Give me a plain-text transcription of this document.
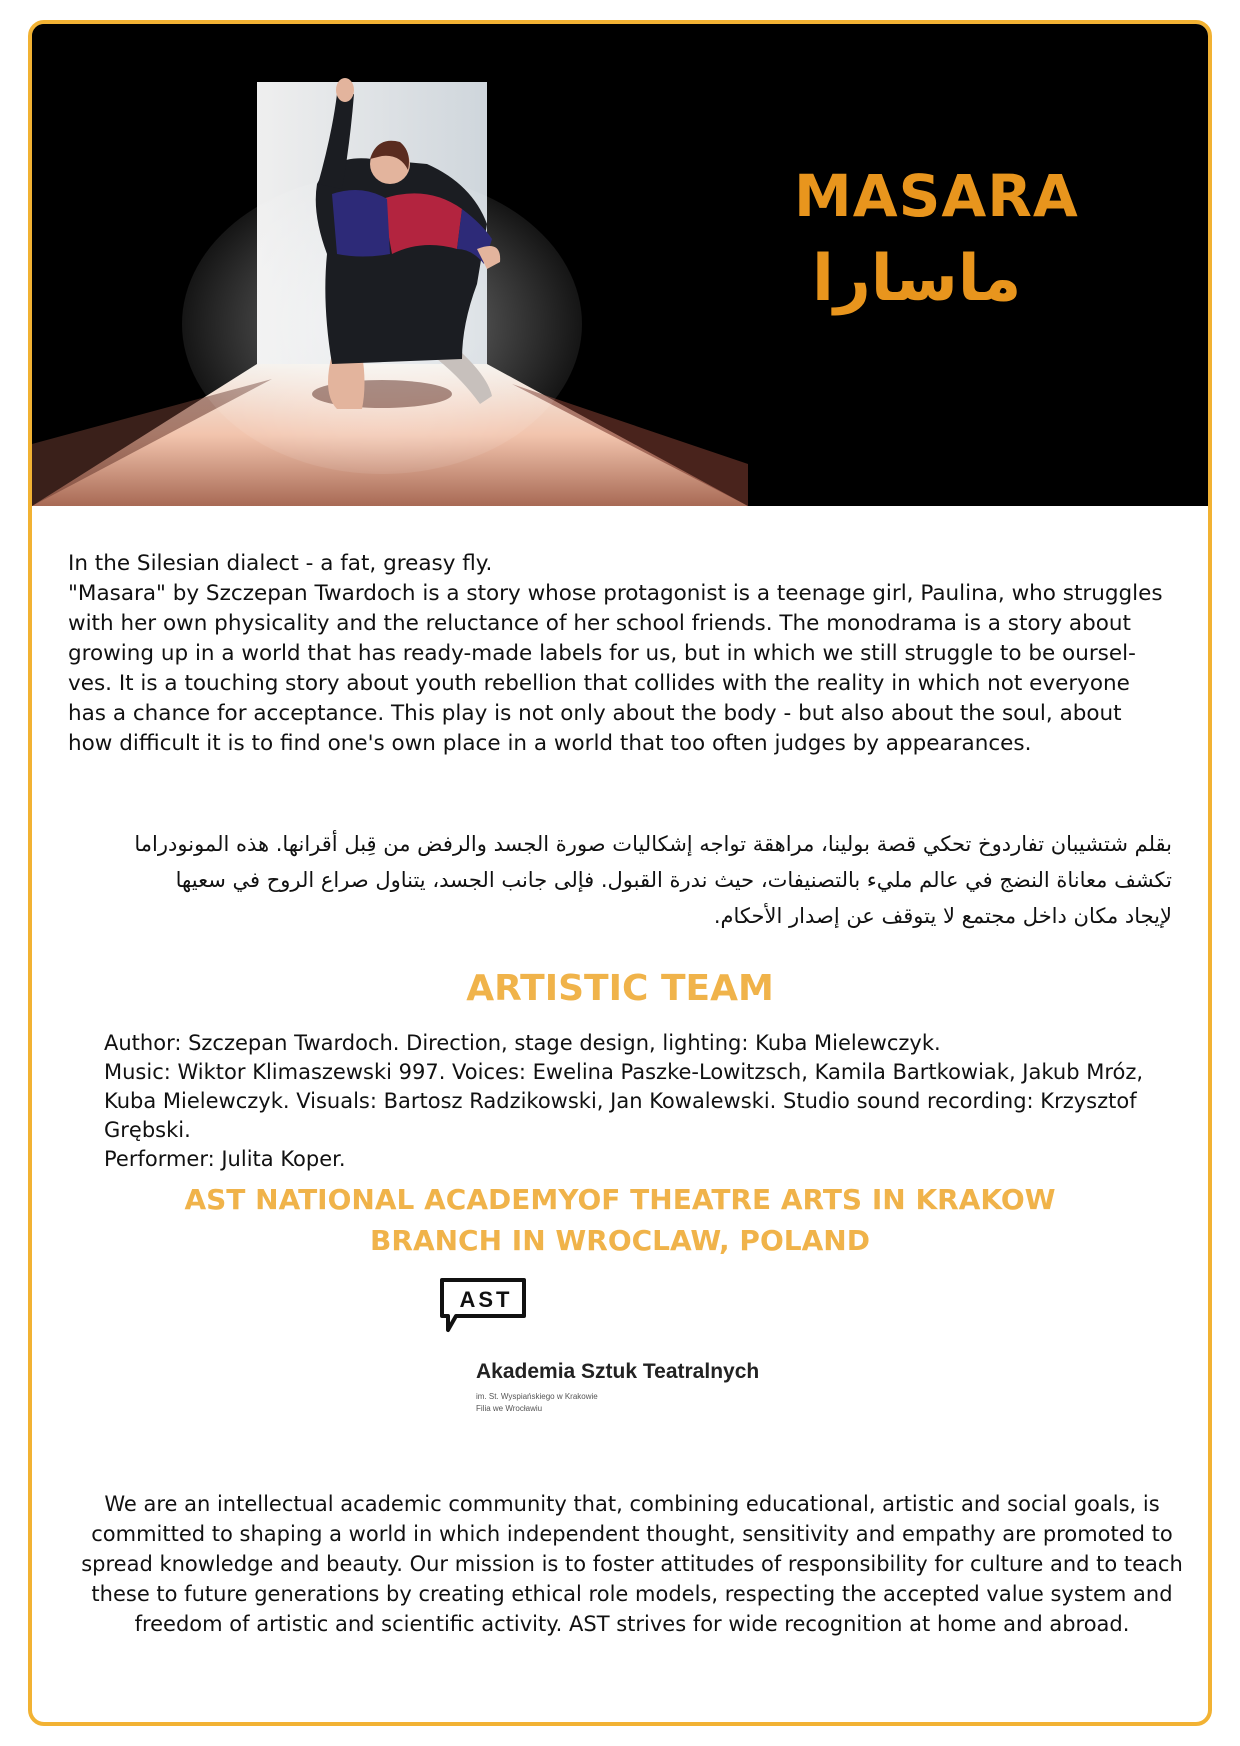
MASARA
ماسارا
In the Silesian dialect - a fat, greasy fly.
"Masara" by Szczepan Twardoch is a story whose protagonist is a teenage girl, Paulina, who struggles
with her own physicality and the reluctance of her school friends. The monodrama is a story about
growing up in a world that has ready-made labels for us, but in which we still struggle to be oursel-
ves. It is a touching story about youth rebellion that collides with the reality in which not everyone
has a chance for acceptance. This play is not only about the body - but also about the soul, about
how difficult it is to find one's own place in a world that too often judges by appearances.
بقلم شتشيبان تفاردوخ تحكي قصة بولينا، مراهقة تواجه إشكاليات صورة الجسد والرفض من قِبل أقرانها. هذه المونودراما
تكشف معاناة النضج في عالم مليء بالتصنيفات، حيث ندرة القبول. فإلى جانب الجسد، يتناول صراع الروح في سعيها
لإيجاد مكان داخل مجتمع لا يتوقف عن إصدار الأحكام.
ARTISTIC TEAM
Author: Szczepan Twardoch. Direction, stage design, lighting: Kuba Mielewczyk.
Music: Wiktor Klimaszewski 997. Voices: Ewelina Paszke-Lowitzsch, Kamila Bartkowiak, Jakub Mróz,
Kuba Mielewczyk. Visuals: Bartosz Radzikowski, Jan Kowalewski. Studio sound recording: Krzysztof
Grębski.
Performer: Julita Koper.
AST NATIONAL ACADEMYOF THEATRE ARTS IN KRAKOW
BRANCH IN WROCLAW, POLAND
AST
Akademia Sztuk Teatralnych
im. St. Wyspiańskiego w Krakowie
Filia we Wrocławiu
We are an intellectual academic community that, combining educational, artistic and social goals, is committed to shaping a world in which independent thought, sensitivity and empathy are promoted to spread knowledge and beauty. Our mission is to foster attitudes of responsibility for culture and to teach these to future generations by creating ethical role models, respecting the accepted value system and freedom of artistic and scientific activity. AST strives for wide recognition at home and abroad.
